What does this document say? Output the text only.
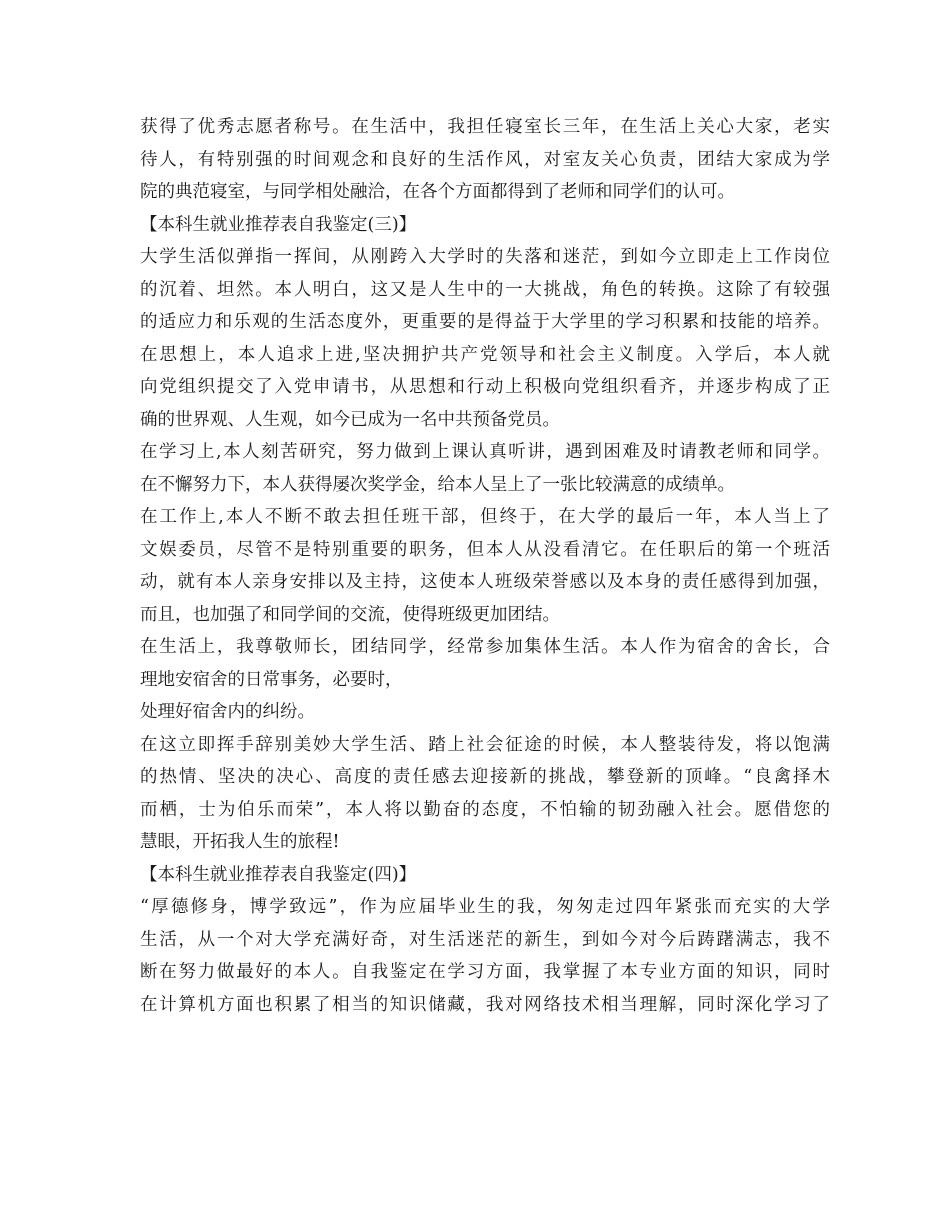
获得了优秀志愿者称号。在生活中，我担任寝室长三年，在生活上关心大家，老实
待人，有特别强的时间观念和良好的生活作风，对室友关心负责，团结大家成为学
院的典范寝室，与同学相处融洽，在各个方面都得到了老师和同学们的认可。
【本科生就业推荐表自我鉴定(三)】
大学生活似弹指一挥间，从刚跨入大学时的失落和迷茫，到如今立即走上工作岗位
的沉着、坦然。本人明白，这又是人生中的一大挑战，角色的转换。这除了有较强
的适应力和乐观的生活态度外，更重要的是得益于大学里的学习积累和技能的培养。
在思想上，本人追求上进,坚决拥护共产党领导和社会主义制度。入学后，本人就
向党组织提交了入党申请书，从思想和行动上积极向党组织看齐，并逐步构成了正
确的世界观、人生观，如今已成为一名中共预备党员。
在学习上,本人刻苦研究，努力做到上课认真听讲，遇到困难及时请教老师和同学。
在不懈努力下，本人获得屡次奖学金，给本人呈上了一张比较满意的成绩单。
在工作上,本人不断不敢去担任班干部，但终于，在大学的最后一年，本人当上了
文娱委员，尽管不是特别重要的职务，但本人从没看清它。在任职后的第一个班活
动，就有本人亲身安排以及主持，这使本人班级荣誉感以及本身的责任感得到加强，
而且，也加强了和同学间的交流，使得班级更加团结。
在生活上，我尊敬师长，团结同学，经常参加集体生活。本人作为宿舍的舍长，合
理地安宿舍的日常事务，必要时，
处理好宿舍内的纠纷。
在这立即挥手辞别美妙大学生活、踏上社会征途的时候，本人整装待发，将以饱满
的热情、坚决的决心、高度的责任感去迎接新的挑战，攀登新的顶峰。“良禽择木
而栖，士为伯乐而荣”，本人将以勤奋的态度，不怕输的韧劲融入社会。愿借您的
慧眼，开拓我人生的旅程!
【本科生就业推荐表自我鉴定(四)】
“厚德修身，博学致远”，作为应届毕业生的我，匆匆走过四年紧张而充实的大学
生活，从一个对大学充满好奇，对生活迷茫的新生，到如今对今后踌躇满志，我不
断在努力做最好的本人。自我鉴定在学习方面，我掌握了本专业方面的知识，同时
在计算机方面也积累了相当的知识储藏，我对网络技术相当理解，同时深化学习了
